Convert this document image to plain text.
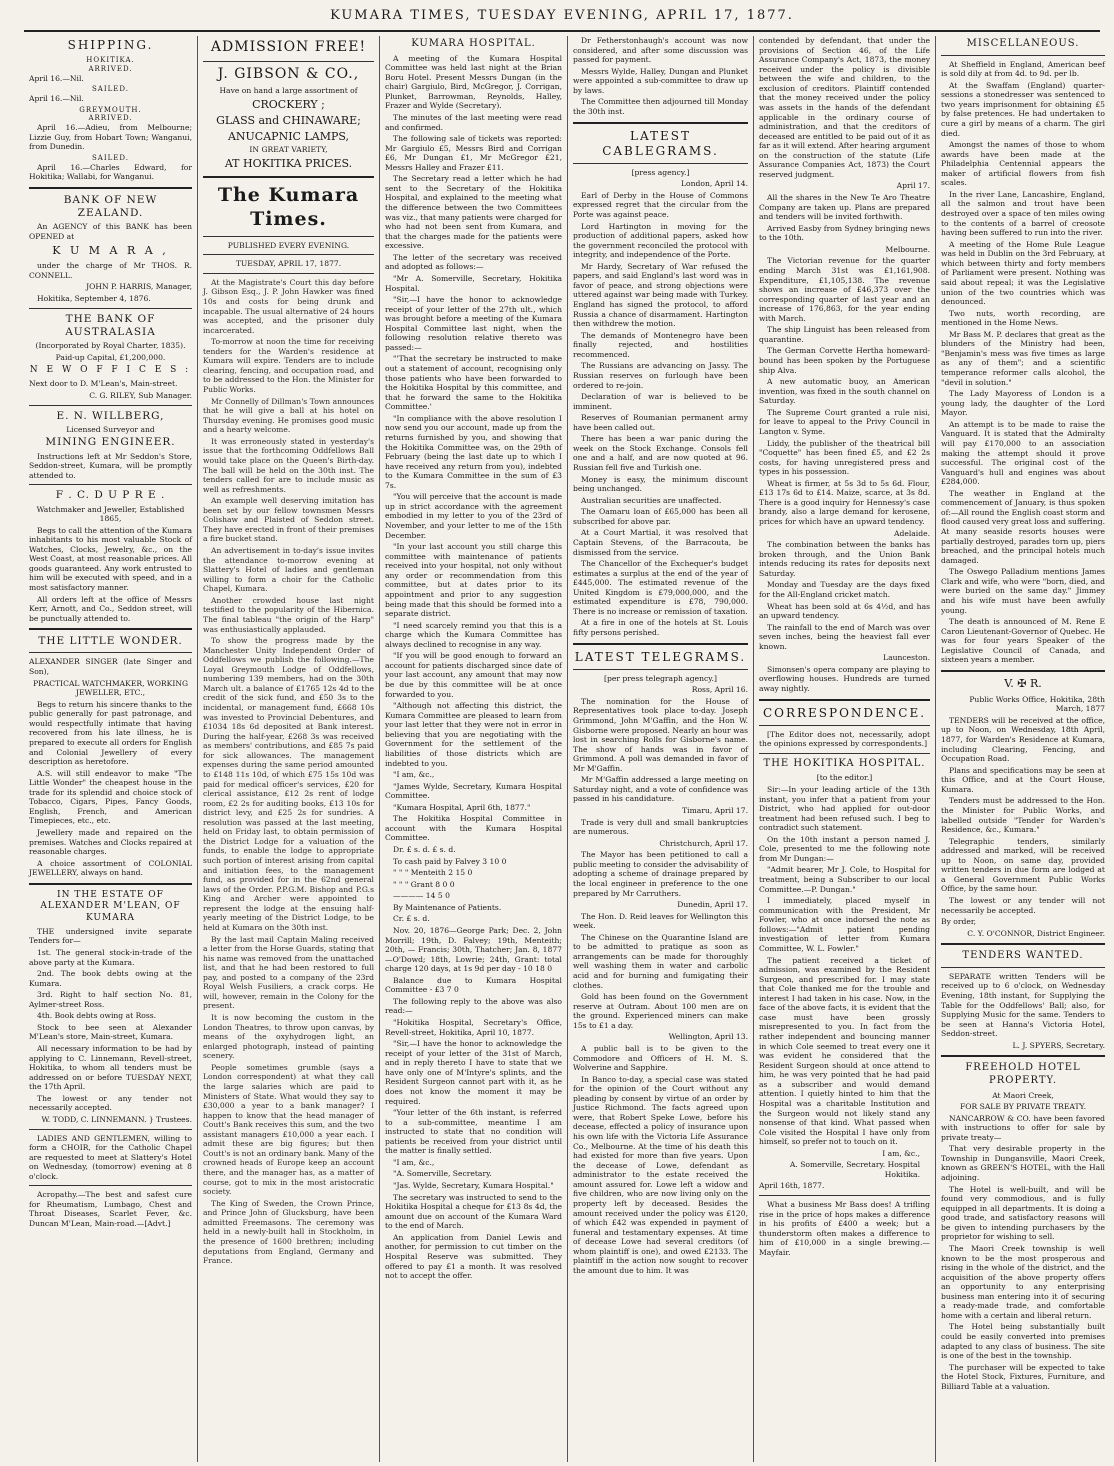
KUMARA TIMES, TUESDAY EVENING, APRIL 17, 1877.
SHIPPING.
HOKITIKA.
ARRIVED.

April 16.—Nil.

SAILED.

April 16.—Nil.

GREYMOUTH.
ARRIVED.

April 16.—Adieu, from Melbourne; Lizzie Guy, from Hobart Town; Wanganui, from Dunedin.

SAILED.

April 16.—Charles Edward, for Hokitika; Wallabi, for Wanganui.

BANK OF NEW ZEALAND.

An AGENCY of this BANK has been OPENED at

K U M A R A ,

under the charge of Mr THOS. R. CONNELL.

JOHN P. HARRIS, Manager,

Hokitika, September 4, 1876.

THE BANK OF AUSTRALASIA

(Incorporated by Royal Charter, 1835).

Paid-up Capital, £1,200,000.

N E W O F F I C E S :

Next door to D. M'Lean's, Main-street.

C. G. RILEY, Sub Manager.

E. N. WILLBERG,

Licensed Surveyor and

MINING ENGINEER.

Instructions left at Mr Seddon's Store, Seddon-street, Kumara, will be promptly attended to.

F . C. D U P R E .

Watchmaker and Jeweller, Established 1865,

Begs to call the attention of the Kumara inhabitants to his most valuable Stock of Watches, Clocks, Jewelry, &c., on the West Coast, at most reasonable prices. All goods guaranteed. Any work entrusted to him will be executed with speed, and in a most satisfactory manner.

All orders left at the office of Messrs Kerr, Arnott, and Co., Seddon street, will be punctually attended to.

THE LITTLE WONDER.

ALEXANDER SINGER (late Singer and Son),

PRACTICAL WATCHMAKER, WORKING JEWELLER, ETC.,

Begs to return his sincere thanks to the public generally for past patronage, and would respectfully intimate that having recovered from his late illness, he is prepared to execute all orders for English and Colonial Jewellery of every description as heretofore.

A.S. will still endeavor to make "The Little Wonder" the cheapest house in the trade for its splendid and choice stock of Tobacco, Cigars, Pipes, Fancy Goods, English, French, and American Timepieces, etc., etc.

Jewellery made and repaired on the premises. Watches and Clocks repaired at reasonable charges.

A choice assortment of COLONIAL JEWELLERY, always on hand.

IN THE ESTATE OF ALEXANDER M'LEAN, OF KUMARA

THE undersigned invite separate Tenders for—

1st. The general stock-in-trade of the above party at the Kumara.

2nd. The book debts owing at the Kumara.

3rd. Right to half section No. 81, Aylmer-street Ross.

4th. Book debts owing at Ross.

Stock to bee seen at Alexander M'Lean's store, Main-street, Kumara.

All necessary information to be had by applying to C. Linnemann, Revell-street, Hokitika, to whom all tenders must be addressed on or before TUESDAY NEXT, the 17th April.

The lowest or any tender not necessarily accepted.

W. TODD, C. LINNEMANN. } Trustees.

LADIES AND GENTLEMEN, willing to form a CHOIR, for the Catholic Chapel are requested to meet at Slattery's Hotel on Wednesday, (tomorrow) evening at 8 o'clock.

Acropathy.—The best and safest cure for Rheumatism, Lumbago, Chest and Throat Diseases, Scarlet Fever, &c. Duncan M'Lean, Main-road.—[Advt.]

ADMISSION FREE!
J. GIBSON & CO.,

Have on hand a large assortment of

CROCKERY ;
GLASS and CHINAWARE;
ANUCAPNIC LAMPS,

IN GREAT VARIETY,

AT HOKITIKA PRICES.
The Kumara Times.

PUBLISHED EVERY EVENING.

TUESDAY, APRIL 17, 1877.

At the Magistrate's Court this day before J. Gibson Esq., J. P. John Hawker was fined 10s and costs for being drunk and incapable. The usual alternative of 24 hours was accepted, and the prisoner duly incarcerated.

To-morrow at noon the time for receiving tenders for the Warden's residence at Kumara will expire. Tenders are to include clearing, fencing, and occupation road, and to be addressed to the Hon. the Minister for Public Works.

Mr Connelly of Dillman's Town announces that he will give a ball at his hotel on Thursday evening. He promises good music and a hearty welcome.

It was erroneously stated in yesterday's issue that the forthcoming Oddfellows Ball would take place on the Queen's Birth-day. The ball will be held on the 30th inst. The tenders called for are to include music as well as refreshments.

An example well deserving imitation has been set by our fellow townsmen Messrs Colishaw and Plaisted of Seddon street. They have erected in front of their premises a fire bucket stand.

An advertisement in to-day's issue invites the attendance to-morrow evening at Slattery's Hotel of ladies and gentleman willing to form a choir for the Catholic Chapel, Kumara.

Another crowded house last night testified to the popularity of the Hibernica. The final tableau "the origin of the Harp" was enthusiastically applauded.

To show the progress made by the Manchester Unity Independent Order of Oddfellows we publish the following.—The Loyal Greymouth Lodge of Oddfellows, numbering 139 members, had on the 30th March ult. a balance of £1765 12s 4d to the credit of the sick fund, and £50 3s to the incidental, or management fund, £668 10s was invested to Provincial Debentures, and £1034 18s 6d deposited at Bank interest. During the half-year, £268 3s was received as members' contributions, and £85 7s paid for sick allowances. The management expenses during the same period amounted to £148 11s 10d, of which £75 15s 10d was paid for medical officer's services, £20 for clerical assistance, £12 2s rent of lodge room, £2 2s for auditing books, £13 10s for district levy, and £25 2s for sundries. A resolution was passed at the last meeting, held on Friday last, to obtain permission of the District Lodge for a valuation of the funds, to enable the lodge to appropriate such portion of interest arising from capital and initiation fees, to the management fund, as provided for in the 62nd general laws of the Order. P.P.G.M. Bishop and P.G.s King and Archer were appointed to represent the lodge at the ensuing half-yearly meeting of the District Lodge, to be held at Kumara on the 30th inst.

By the last mail Captain Maling received a letter from the Horse Guards, stating that his name was removed from the unattached list, and that he had been restored to full pay, and posted to a company of the 23rd Royal Welsh Fusiliers, a crack corps. He will, however, remain in the Colony for the present.

It is now becoming the custom in the London Theatres, to throw upon canvas, by means of the oxyhydrogen light, an enlarged photograph, instead of painting scenery.

People sometimes grumble (says a London correspondent) at what they call the large salaries which are paid to Ministers of State. What would they say to £30,000 a year to a bank manager? I happen to know that the head manager of Coutt's Bank receives this sum, and the two assistant managers £10,000 a year each. I admit these are big figures; but then Coutt's is not an ordinary bank. Many of the crowned heads of Europe keep an account there, and the manager has, as a matter of course, got to mix in the most aristocratic society.

The King of Sweden, the Crown Prince, and Prince John of Glucksburg, have been admitted Freemasons. The ceremony was held in a newly-built hall in Stockholm, in the presence of 1600 brethren; including deputations from England, Germany and France.

KUMARA HOSPITAL.

A meeting of the Kumara Hospital Committee was held last night at the Brian Boru Hotel. Present Messrs Dungan (in the chair) Gargiulo, Bird, McGregor, J. Corrigan, Plunket, Barrowman, Reynolds, Halley, Frazer and Wylde (Secretary).

The minutes of the last meeting were read and confirmed.

The following sale of tickets was reported: Mr Gargiulo £5, Messrs Bird and Corrigan £6, Mr Dungan £1, Mr McGregor £21, Messrs Halley and Frazer £11.

The Secretary read a letter which he had sent to the Secretary of the Hokitika Hospital, and explained to the meeting what the difference between the two Committees was viz., that many patients were charged for who had not been sent from Kumara, and that the charges made for the patients were excessive.

The letter of the secretary was received and adopted as follows:—

"Mr A. Somerville, Secretary, Hokitika Hospital.

"Sir,—I have the honor to acknowledge receipt of your letter of the 27th ult., which was brought before a meeting of the Kumara Hospital Committee last night, when the following resolution relative thereto was passed:—

"'That the secretary be instructed to make out a statement of account, recognising only those patients who have been forwarded to the Hokitika Hospital by this committee, and that he forward the same to the Hokitika Committee.'

"In compliance with the above resolution I now send you our account, made up from the returns furnished by you, and showing that the Hokitika Committee was, on the 29th of February (being the last date up to which I have received any return from you), indebted to the Kumara Committee in the sum of £3 7s.

"You will perceive that the account is made up in strict accordance with the agreement embodied in my letter to you of the 23rd of November, and your letter to me of the 15th December.

"In your last account you still charge this committee with maintenance of patients received into your hospital, not only without any order or recommendation from this committee, but at dates prior to its appointment and prior to any suggestion being made that this should be formed into a separate district.

"I need scarcely remind you that this is a charge which the Kumara Committee has always declined to recognise in any way.

"If you will be good enough to forward an account for patients discharged since date of your last account, any amount that may now be due by this committee will be at once forwarded to you.

"Although not affecting this district, the Kumara Committee are pleased to learn from your last letter that they were not in error in believing that you are negotiating with the Government for the settlement of the liabilities of those districts which are indebted to you.

"I am, &c.,

"James Wylde, Secretary, Kumara Hospital Committee.

"Kumara Hospital, April 6th, 1877."

The Hokitika Hospital Committee in account with the Kumara Hospital Committee.

Dr. £ s. d. £ s. d.

To cash paid by Falvey 3 10 0

" " " Menteith 2 15 0

" " " Grant 8 0 0

———— 14 5 0

By Maintenance of Patients.

Cr. £ s. d.

Nov. 20, 1876—George Park; Dec. 2, John Morrill; 19th, D. Falvey; 19th, Menteith; 20th, — Francis; 30th, Thatcher; Jan. 8, 1877—O'Dowd; 18th, Lowrie; 24th, Grant: total charge 120 days, at 1s 9d per day - 10 18 0

Balance due to Kumara Hospital Committee - £3 7 0

The following reply to the above was also read:—

"Hokitika Hospital, Secretary's Office, Revell-street, Hokitika, April 10, 1877.

"Sir,—I have the honor to acknowledge the receipt of your letter of the 31st of March, and in reply thereto I have to state that we have only one of M'Intyre's splints, and the Resident Surgeon cannot part with it, as he does not know the moment it may be required.

"Your letter of the 6th instant, is referred to a sub-committee, meantime I am instructed to state that no condition will patients be received from your district until the matter is finally settled.

"I am, &c.,

"A. Somerville, Secretary.

"Jas. Wylde, Secretary, Kumara Hospital."

The secretary was instructed to send to the Hokitika Hospital a cheque for £13 8s 4d, the amount due on account of the Kumara Ward to the end of March.

An application from Daniel Lewis and another, for permission to cut timber on the Hospital Reserve was submitted. They offered to pay £1 a month. It was resolved not to accept the offer.

Dr Fetherstonhaugh's account was now considered, and after some discussion was passed for payment.

Messrs Wylde, Halley, Dungan and Plunket were appointed a sub-committee to draw up by laws.

The Committee then adjourned till Monday the 30th inst.

LATEST CABLEGRAMS.

[press agency.]

London, April 14.

Earl of Derby in the House of Commons expressed regret that the circular from the Porte was against peace.

Lord Hartington in moving for the production of additional papers, asked how the government reconciled the protocol with integrity, and independence of the Porte.

Mr Hardy, Secretary of War refused the papers, and said England's last word was in favor of peace, and strong objections were uttered against war being made with Turkey. England has signed the protocol, to afford Russia a chance of disarmament. Hartington then withdrew the motion.

The demands of Montenegro have been finally rejected, and hostilities recommenced.

The Russians are advancing on Jassy. The Russian reserves on furlough have been ordered to re-join.

Declaration of war is believed to be imminent.

Reserves of Roumanian permanent army have been called out.

There has been a war panic during the week on the Stock Exchange. Consols fell one and a half, and are now quoted at 96. Russian fell five and Turkish one.

Money is easy, the minimum discount being unchanged.

Australian securities are unaffected.

The Oamaru loan of £65,000 has been all subscribed for above par.

At a Court Martial, it was resolved that Captain Stevens, of the Barracouta, be dismissed from the service.

The Chancellor of the Exchequer's budget estimates a surplus at the end of the year of £445,000. The estimated revenue of the United Kingdom is £79,000,000, and the estimated expenditure is £78, 790,000. There is no increase or remission of taxation.

At a fire in one of the hotels at St. Louis fifty persons perished.

LATEST TELEGRAMS.

[per press telegraph agency.]

Ross, April 16.

The nomination for the House of Representatives took place to-day. Joseph Grimmond, John M'Gaffin, and the Hon W. Gisborne were proposed. Nearly an hour was lost in searching Rolls for Gisborne's name. The show of hands was in favor of Grimmond. A poll was demanded in favor of Mr M'Gaffin.

Mr M'Gaffin addressed a large meeting on Saturday night, and a vote of confidence was passed in his candidature.

Timaru, April 17.

Trade is very dull and small bankruptcies are numerous.

Christchurch, April 17.

The Mayor has been petitioned to call a public meeting to consider the advisability of adopting a scheme of drainage prepared by the local engineer in preference to the one prepared by Mr Carruthers.

Dunedin, April 17.

The Hon. D. Reid leaves for Wellington this week.

The Chinese on the Quarantine Island are to be admitted to pratique as soon as arrangements can be made for thoroughly well washing them in water and carbolic acid and for burning and fumigating their clothes.

Gold has been found on the Government reserve at Outram. About 100 men are on the ground. Experienced miners can make 15s to £1 a day.

Wellington, April 13.

A public ball is to be given to the Commodore and Officers of H. M. S. Wolverine and Sapphire.

In Banco to-day, a special case was stated for the opinion of the Court without any pleading by consent by virtue of an order by Justice Richmond. The facts agreed upon were, that Robert Speke Lowe, before his decease, effected a policy of insurance upon his own life with the Victoria Life Assurance Co., Melbourne. At the time of his death this had existed for more than five years. Upon the decease of Lowe, defendant as administrator to the estate received the amount assured for. Lowe left a widow and five children, who are now living only on the property left by deceased. Besides the amount received under the policy was £120, of which £42 was expended in payment of funeral and testamentary expenses. At time of decease Lowe had several creditors (of whom plaintiff is one), and owed £2133. The plaintiff in the action now sought to recover the amount due to him. It was

contended by defendant, that under the provisions of Section 46, of the Life Assurance Company's Act, 1873, the money received under the policy is divisible between the wife and children, to the exclusion of creditors. Plaintiff contended that the money received under the policy was assets in the hands of the defendant applicable in the ordinary course of administration, and that the creditors of deceased are entitled to be paid out of it as far as it will extend. After hearing argument on the construction of the statute (Life Assurance Companies Act, 1873) the Court reserved judgment.

April 17.

All the shares in the New Te Aro Theatre Company are taken up. Plans are prepared and tenders will be invited forthwith.

Arrived Easby from Sydney bringing news to the 10th.

Melbourne.

The Victorian revenue for the quarter ending March 31st was £1,161,908. Expenditure, £1,105,138. The revenue shows an increase of £46,373 over the corresponding quarter of last year and an increase of 176,863, for the year ending with March.

The ship Linguist has been released from quarantine.

The German Corvette Hertha homeward-bound has been spoken by the Portuguese ship Alva.

A new automatic buoy, an American invention, was fixed in the south channel on Saturday.

The Supreme Court granted a rule nisi, for leave to appeal to the Privy Council in Langton v. Syme.

Liddy, the publisher of the theatrical bill "Coquette" has been fined £5, and £2 2s costs, for having unregistered press and types in his possession.

Wheat is firmer, at 5s 3d to 5s 6d. Flour, £13 17s 6d to £14. Maize, scarce, at 3s 8d. There is a good inquiry for Hennessy's case brandy, also a large demand for kerosene, prices for which have an upward tendency.

Adelaide.

The combination between the banks has broken through, and the Union Bank intends reducing its rates for deposits next Saturday.

Monday and Tuesday are the days fixed for the All-England cricket match.

Wheat has been sold at 6s 4½d, and has an upward tendency.

The rainfall to the end of March was over seven inches, being the heaviest fall ever known.

Launceston.

Simonsen's opera company are playing to overflowing houses. Hundreds are turned away nightly.

CORRESPONDENCE.

[The Editor does not, necessarily, adopt the opinions expressed by correspondents.]

THE HOKITIKA HOSPITAL.

[to the editor.]

Sir:—In your leading article of the 13th instant, you infer that a patient from your District, who had applied for out-door treatment had been refused such. I beg to contradict such statement.

On the 10th instant a person named J. Cole, presented to me the following note from Mr Dungan:—

"Admit bearer, Mr J. Cole, to Hospital for treatment, being a Subscriber to our local Committee.—P. Dungan."

I immediately, placed myself in communication with the President, Mr Fowler, who at once indorsed the note as follows:—"Admit patient pending investigation of letter from Kumara Committee, W. L. Fowler."

The patient received a ticket of admission, was examined by the Resident Surgeon, and prescribed for. I may state that Cole thanked me for the trouble and interest I had taken in his case. Now, in the face of the above facts, it is evident that the case must have been grossly misrepresented to you. In fact from the rather independent and bouncing manner in which Cole seemed to treat every one it was evident he considered that the Resident Surgeon should at once attend to him, he was very pointed that he had paid as a subscriber and would demand attention. I quietly hinted to him that the Hospital was a charitable Institution and the Surgeon would not likely stand any nonsense of that kind. What passed when Cole visited the Hospital I have only from himself, so prefer not to touch on it.

I am, &c.,

A. Somerville, Secretary. Hospital Hokitika.

April 16th, 1877.

What a business Mr Bass does! A trifling rise in the price of hops makes a difference in his profits of £400 a week; but a thunderstorm often makes a difference to him of £10,000 in a single brewing.—Mayfair.

MISCELLANEOUS.

At Sheffield in England, American beef is sold dily at from 4d. to 9d. per lb.

At the Swaffam (England) quarter-sessions a stonedresser was sentenced to two years imprisonment for obtaining £5 by false pretences. He had undertaken to cure a girl by means of a charm. The girl died.

Amongst the names of those to whom awards have been made at the Philadelphia Centennial appears the maker of artificial flowers from fish scales.

In the river Lane, Lancashire, England, all the salmon and trout have been destroyed over a space of ten miles owing to the contents of a barrel of creosote having been suffered to run into the river.

A meeting of the Home Rule League was held in Dublin on the 3rd February, at which between thirty and forty members of Parliament were present. Nothing was said about repeal; it was the Legislative union of the two countries which was denounced.

Two nuts, worth recording, are mentioned in the Home News.

Mr Bass M. P. declares that great as the blunders of the Ministry had been, "Benjamin's mess was five times as large as any of them"; and a scientific temperance reformer calls alcohol, the "devil in solution."

The Lady Mayoress of London is a young lady, the daughter of the Lord Mayor.

An attempt is to be made to raise the Vanguard. It is stated that the Admiralty will pay £170,000 to an association making the attempt should it prove successful. The original cost of the Vanguard's hull and engines was about £284,000.

The weather in England at the commencement of January, is thus spoken of:—All round the English coast storm and flood caused very great loss and suffering. At many seaside resorts houses were partially destroyed, parades torn up, piers breached, and the principal hotels much damaged.

The Oswego Palladium mentions James Clark and wife, who were "born, died, and were buried on the same day." Jimmey and his wife must have been awfully young.

The death is announced of M. Rene E Caron Lieutenant-Governor of Quebec. He was for four years Speaker of the Legislative Council of Canada, and sixteen years a member.

V. ✠ R.

Public Works Office, Hokitika, 28th March, 1877

TENDERS will be received at the office, up to Noon, on Wednesday, 18th April, 1877, for Warden's Residence at Kumara, including Clearing, Fencing, and Occupation Road.

Plans and specifications may be seen at this Office, and at the Court House, Kumara.

Tenders must be addressed to the Hon. the Minister for Public Works, and labelled outside "Tender for Warden's Residence, &c., Kumara."

Telegraphic tenders, similarly addressed and marked, will be received up to Noon, on same day, provided written tenders in due form are lodged at a General Government Public Works Office, by the same hour.

The lowest or any tender will not necessarily be accepted.

By order,

C. Y. O'CONNOR, District Engineer.

TENDERS WANTED.

SEPARATE written Tenders will be received up to 6 o'clock, on Wednesday Evening, 18th instant, for Supplying the Table for the Oddfellows' Ball; also, for Supplying Music for the same. Tenders to be seen at Hanna's Victoria Hotel, Seddon-street.

L. J. SPYERS, Secretary.

FREEHOLD HOTEL PROPERTY.

At Maori Creek,

FOR SALE BY PRIVATE TREATY.

NANCARROW & CO. have been favored with instructions to offer for sale by private treaty—

That very desirable property in the Township in Dungansville, Maori Creek, known as GREEN'S HOTEL, with the Hall adjoining.

The Hotel is well-built, and will be found very commodious, and is fully equipped in all departments. It is doing a good trade, and satisfactory reasons will be given to intending purchasers by the proprietor for wishing to sell.

The Maori Creek township is well known to be the most prosperous and rising in the whole of the district, and the acquisition of the above property offers an opportunity to any enterprising business man entering into it of securing a ready-made trade, and comfortable home with a certain and liberal return.

The Hotel being substantially built could be easily converted into premises adapted to any class of business. The site is one of the best in the township.

The purchaser will be expected to take the Hotel Stock, Fixtures, Furniture, and Billiard Table at a valuation.
